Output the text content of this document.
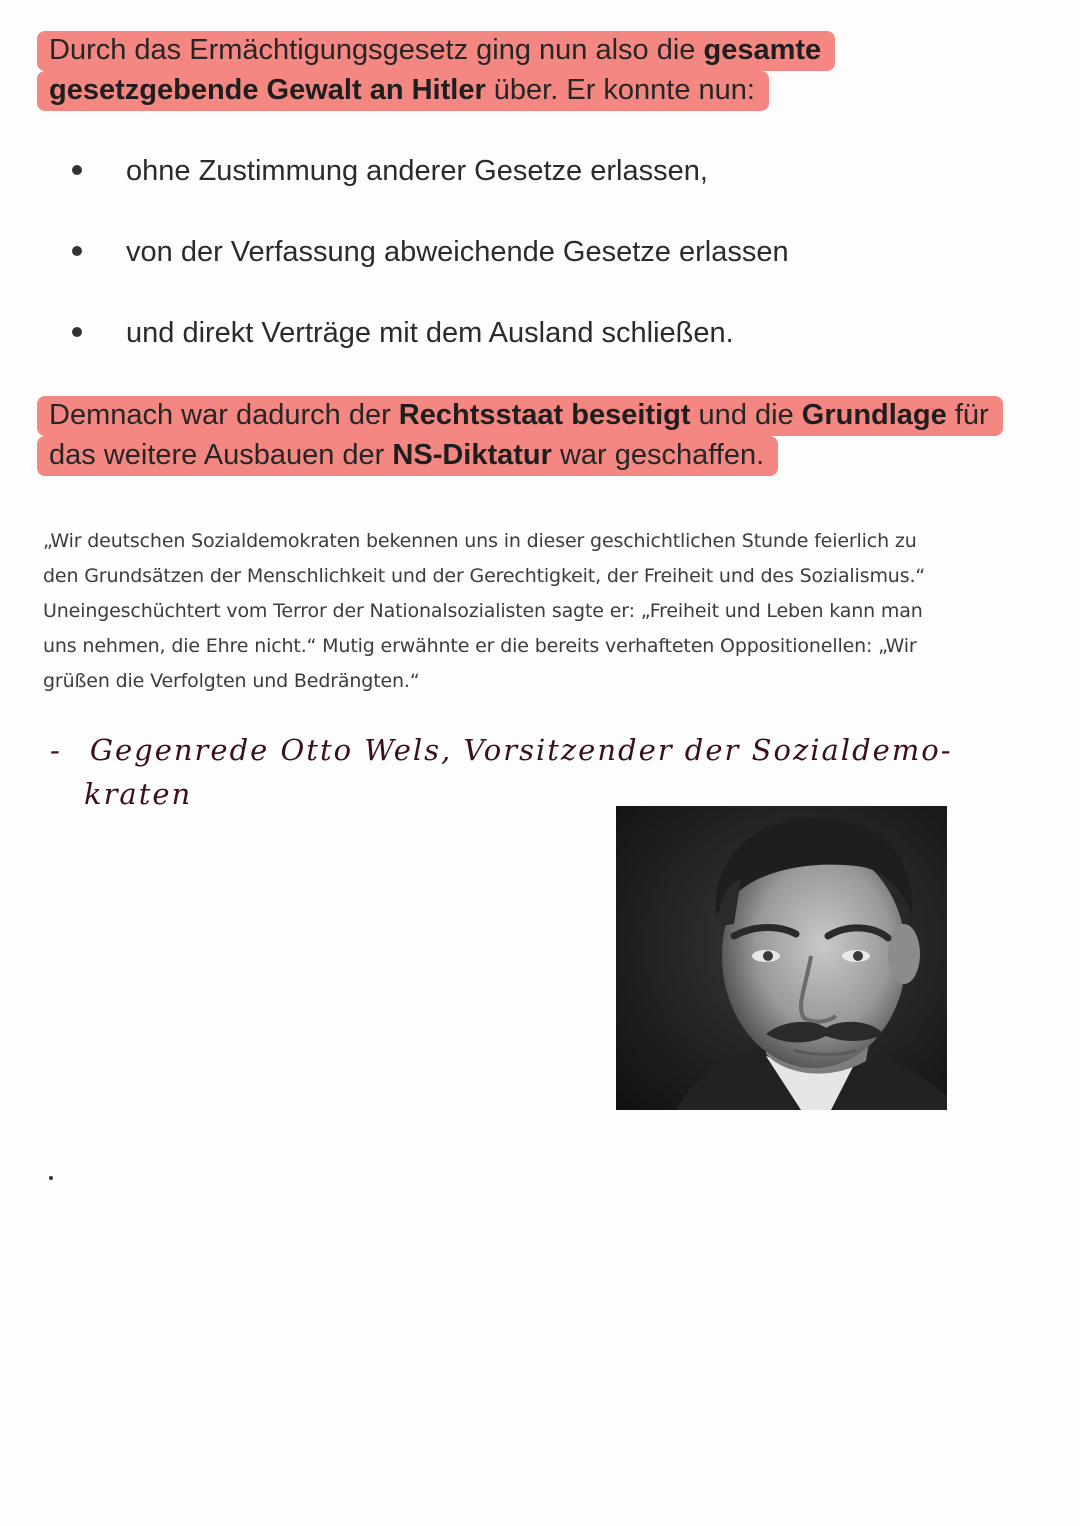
Durch das Ermächtigungsgesetz ging nun also die gesamte
gesetzgebende Gewalt an Hitler über. Er konnte nun:
ohne Zustimmung anderer Gesetze erlassen,
von der Verfassung abweichende Gesetze erlassen
und direkt Verträge mit dem Ausland schließen.
Demnach war dadurch der Rechtsstaat beseitigt und die Grundlage für
das weitere Ausbauen der NS-Diktatur war geschaffen.
„Wir deutschen Sozialdemokraten bekennen uns in dieser geschichtlichen Stunde feierlich zu
den Grundsätzen der Menschlichkeit und der Gerechtigkeit, der Freiheit und des Sozialismus.“
Uneingeschüchtert vom Terror der Nationalsozialisten sagte er: „Freiheit und Leben kann man
uns nehmen, die Ehre nicht.“ Mutig erwähnte er die bereits verhafteten Oppositionellen: „Wir
grüßen die Verfolgten und Bedrängten.“
- Gegenrede Otto Wels, Vorsitzender der Sozialdemo-
kraten
